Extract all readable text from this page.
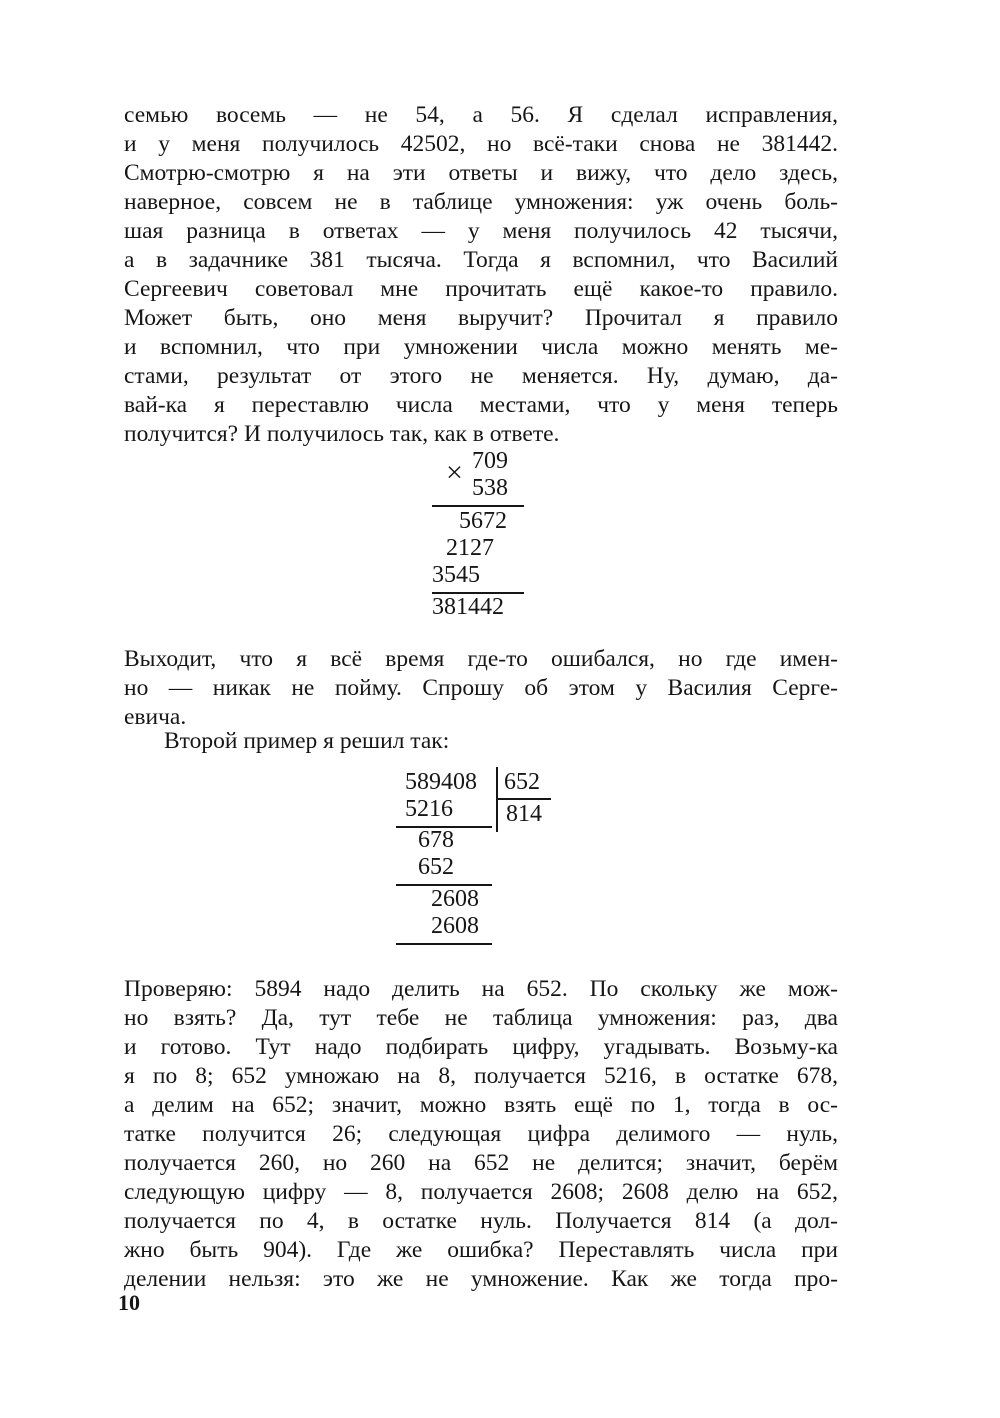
семью восемь — не 54, а 56. Я сделал исправления,
и у меня получилось 42502, но всё-таки снова не 381442.
Смотрю-смотрю я на эти ответы и вижу, что дело здесь,
наверное, совсем не в таблице умножения: уж очень боль-
шая разница в ответах — у меня получилось 42 тысячи,
а в задачнике 381 тысяча. Тогда я вспомнил, что Василий
Сергеевич советовал мне прочитать ещё какое-то правило.
Может быть, оно меня выручит? Прочитал я правило
и вспомнил, что при умножении числа можно менять ме-
стами, результат от этого не меняется. Ну, думаю, да-
вай-ка я переставлю числа местами, что у меня теперь
получится? И получилось так, как в ответе.
× 709
538
5672
2127
3545
381442
Выходит, что я всё время где-то ошибался, но где имен-
но — никак не пойму. Спрошу об этом у Василия Серге-
евича.
Второй пример я решил так:
589408 652
814
5216
678
652
2608
2608
Проверяю: 5894 надо делить на 652. По скольку же мож-
но взять? Да, тут тебе не таблица умножения: раз, два
и готово. Тут надо подбирать цифру, угадывать. Возьму-ка
я по 8; 652 умножаю на 8, получается 5216, в остатке 678,
а делим на 652; значит, можно взять ещё по 1, тогда в ос-
татке получится 26; следующая цифра делимого — нуль,
получается 260, но 260 на 652 не делится; значит, берём
следующую цифру — 8, получается 2608; 2608 делю на 652,
получается по 4, в остатке нуль. Получается 814 (а дол-
жно быть 904). Где же ошибка? Переставлять числа при
делении нельзя: это же не умножение. Как же тогда про-
10
